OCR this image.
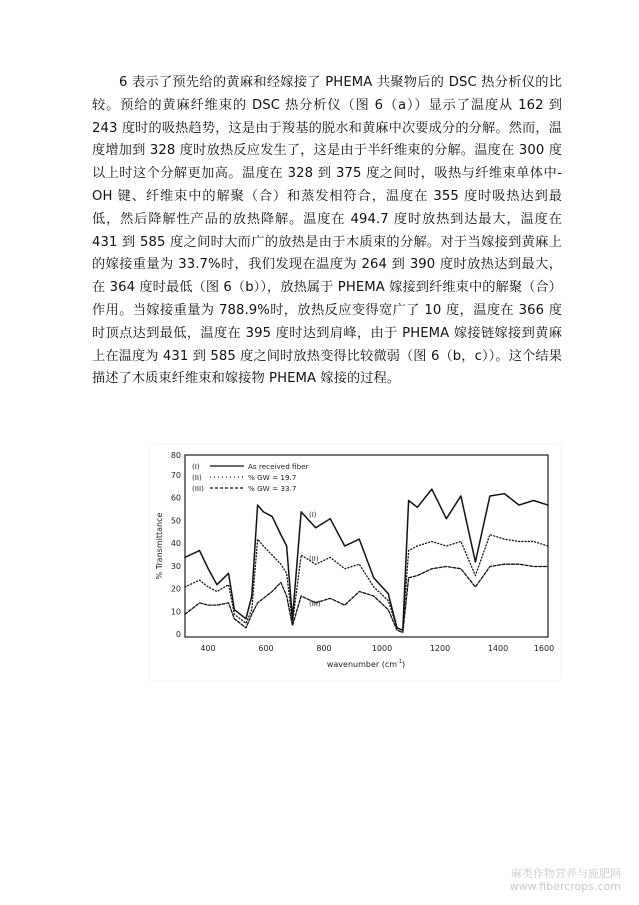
6 表示了预先给的黄麻和经嫁接了 PHEMA 共聚物后的 DSC 热分析仪的比较。预给的黄麻纤维束的 DSC 热分析仪（图 6（a））显示了温度从 162 到 243 度时的吸热趋势，这是由于羧基的脱水和黄麻中次要成分的分解。然而，温度增加到 328 度时放热反应发生了，这是由于半纤维束的分解。温度在 300 度以上时这个分解更加高。温度在 328 到 375 度之间时，吸热与纤维束单体中-OH 键、纤维束中的解聚（合）和蒸发相符合，温度在 355 度时吸热达到最低，然后降解性产品的放热降解。温度在 494.7 度时放热到达最大，温度在 431 到 585 度之间时大而广的放热是由于木质束的分解。对于当嫁接到黄麻上的嫁接重量为 33.7%时，我们发现在温度为 264 到 390 度时放热达到最大，在 364 度时最低（图 6（b）），放热属于 PHEMA 嫁接到纤维束中的解聚（合）作用。当嫁接重量为 788.9%时，放热反应变得宽广了 10 度，温度在 366 度时顶点达到最低，温度在 395 度时达到肩峰，由于 PHEMA 嫁接链嫁接到黄麻上在温度为 431 到 585 度之间时放热变得比较微弱（图 6（b，c））。这个结果描述了木质束纤维束和嫁接物 PHEMA 嫁接的过程。

0
10
20
30
40
50
60
70
80
400	600	800	1000	1200	1400	1600
% Transmittance
wavenumber $(cm^{-1})$
(I)	As received fiber
(II)	% GW = 19.7
(III)	% GW = 33.7
(I)
(II)
(III)
麻类作物营养与施肥网
www.fibercrops.com
